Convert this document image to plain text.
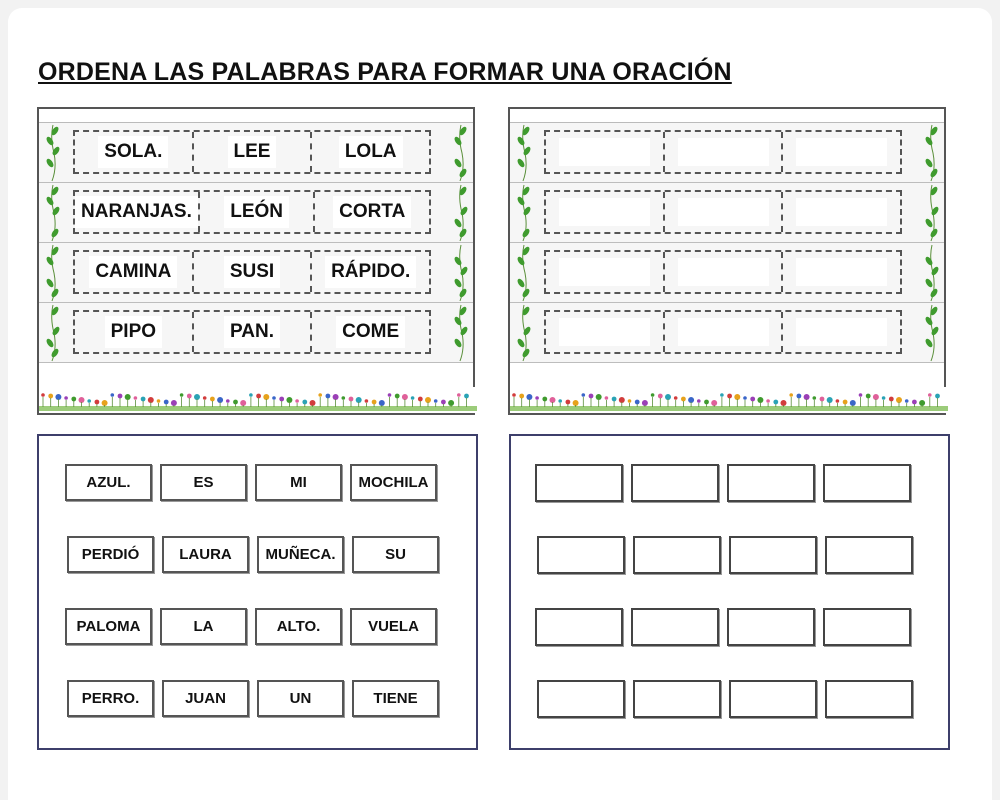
ORDENA LAS PALABRAS PARA FORMAR UNA ORACIÓN
SOLA.	LEE	LOLA
NARANJAS.	LEÓN	CORTA
CAMINA	SUSI	RÁPIDO.
PIPO	PAN.	COME
AZUL.	ES	MI	MOCHILA
PERDIÓ	LAURA	MUÑECA.	SU
PALOMA	LA	ALTO.	VUELA
PERRO.	JUAN	UN	TIENE
